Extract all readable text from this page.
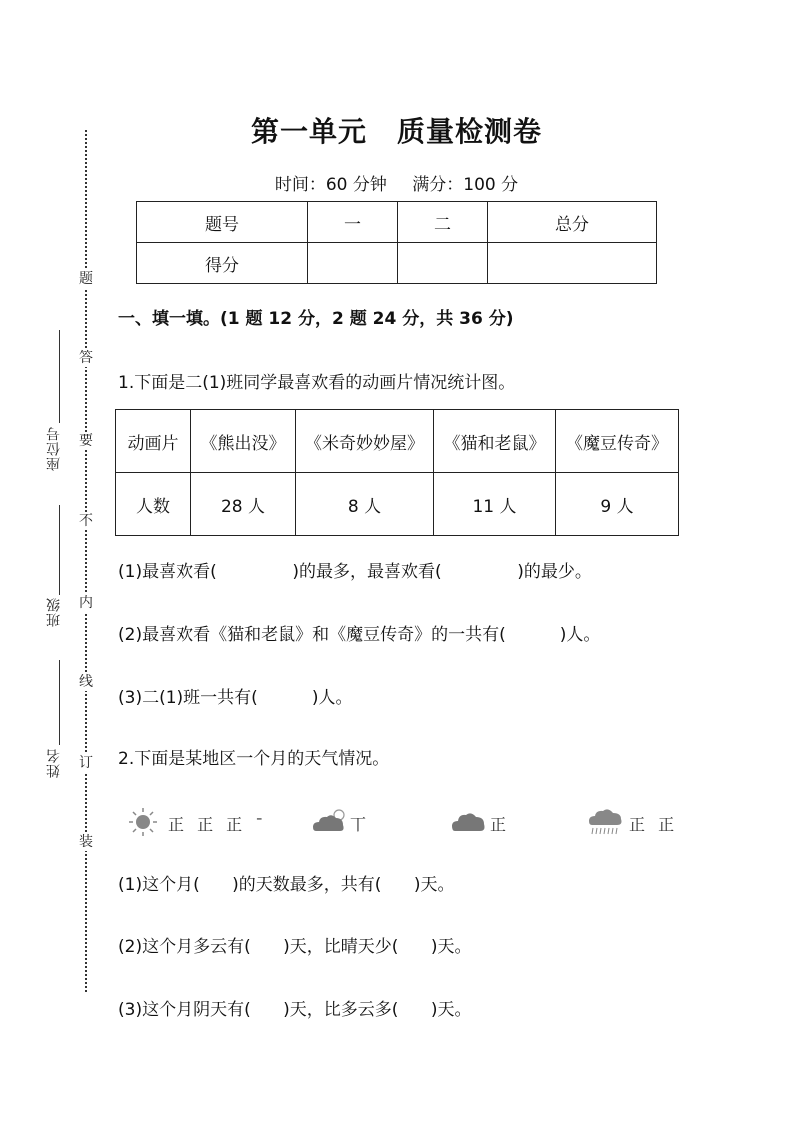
题
答
要
不
内
线
订
装
座位号
班级
姓名
第一单元 质量检测卷
时间：60 分钟 满分：100 分
题号	一	二	总分
得分			
一、填一填。(1 题 12 分，2 题 24 分，共 36 分)
1.下面是二(1)班同学最喜欢看的动画片情况统计图。
动画片	《熊出没》	《米奇妙妙屋》	《猫和老鼠》	《魔豆传奇》
人数	28 人	8 人	11 人	9 人
(1)最喜欢看(              )的最多，最喜欢看(              )的最少。
(2)最喜欢看《猫和老鼠》和《魔豆传奇》的一共有(          )人。
(3)二(1)班一共有(          )人。
2.下面是某地区一个月的天气情况。
正 正 正 ¯	丅	正	正 正
(1)这个月(      )的天数最多，共有(      )天。
(2)这个月多云有(      )天，比晴天少(      )天。
(3)这个月阴天有(      )天，比多云多(      )天。
